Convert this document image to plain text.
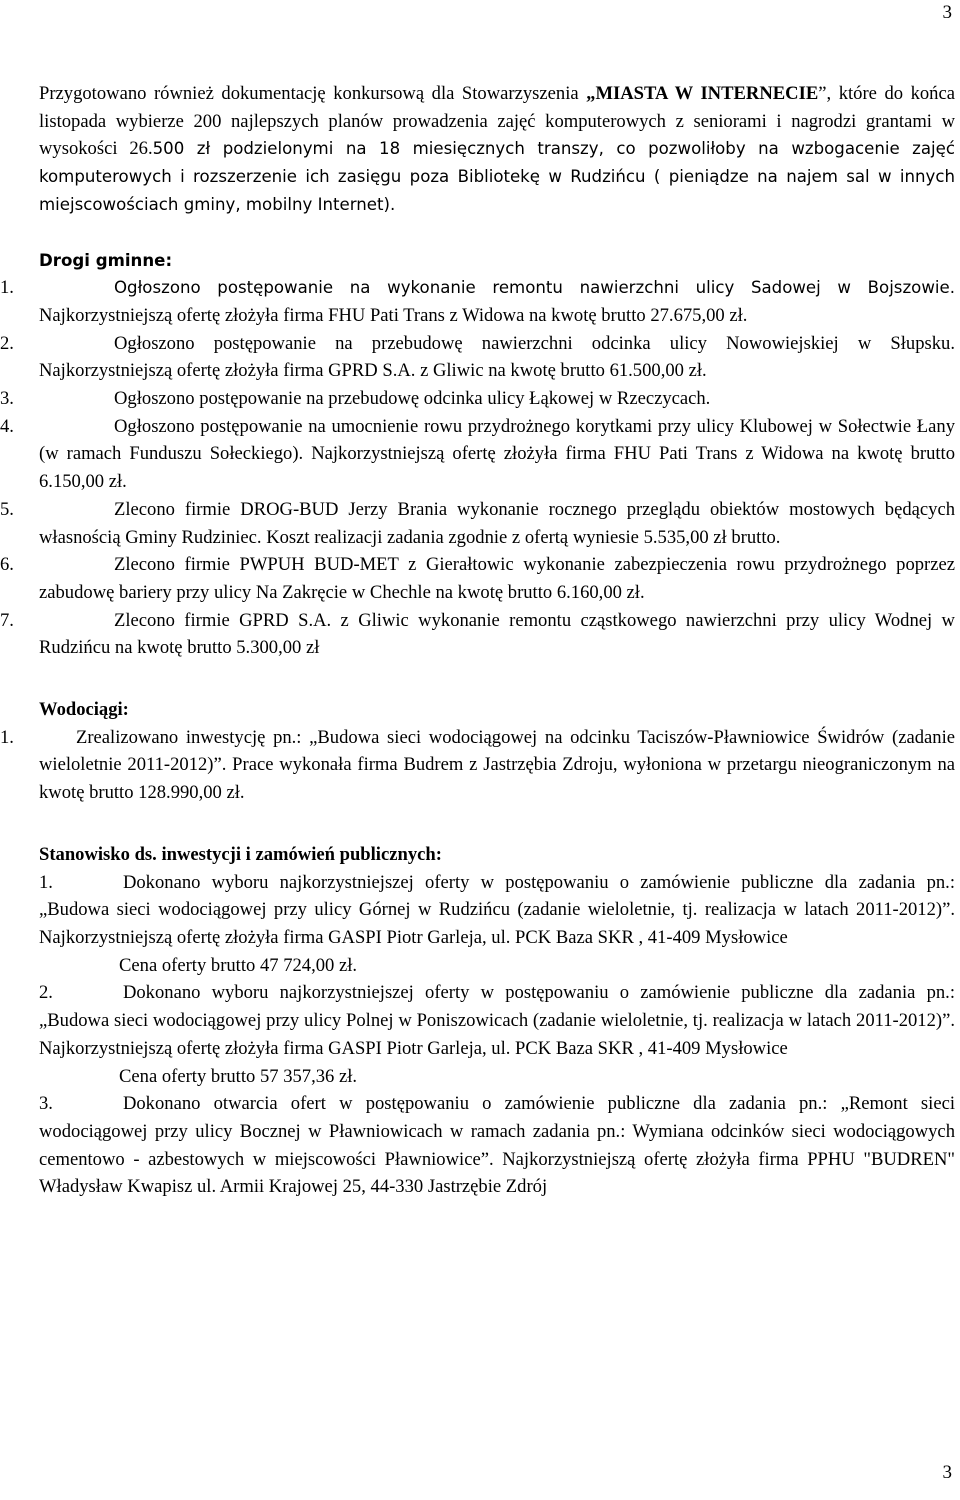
3

Przygotowano również dokumentację konkursową dla Stowarzyszenia „MIASTA W INTERNECIE”, które do końca listopada wybierze 200 najlepszych planów prowadzenia zajęć komputerowych z seniorami i nagrodzi grantami w wysokości 26.500 zł podzielonymi na 18 miesięcznych transzy, co pozwoliłoby na wzbogacenie zajęć komputerowych i rozszerzenie ich zasięgu poza Bibliotekę w Rudzińcu ( pieniądze na najem sal w innych miejscowościach gminy, mobilny Internet).

Drogi gminne:

1.	Ogłoszono postępowanie na wykonanie remontu nawierzchni ulicy Sadowej w Bojszowie. Najkorzystniejszą ofertę złożyła firma FHU Pati Trans z Widowa na kwotę brutto 27.675,00 zł.

2.	Ogłoszono postępowanie na przebudowę nawierzchni odcinka ulicy Nowowiejskiej w Słupsku. Najkorzystniejszą ofertę złożyła firma GPRD S.A. z Gliwic na kwotę brutto 61.500,00 zł.

3.	Ogłoszono postępowanie na przebudowę odcinka ulicy Łąkowej w Rzeczycach.

4.	Ogłoszono postępowanie na umocnienie rowu przydrożnego korytkami przy ulicy Klubowej w Sołectwie Łany (w ramach Funduszu Sołeckiego). Najkorzystniejszą ofertę złożyła firma FHU Pati Trans z Widowa na kwotę brutto 6.150,00 zł.

5.	Zlecono firmie DROG-BUD Jerzy Brania wykonanie rocznego przeglądu obiektów mostowych będących własnością Gminy Rudziniec. Koszt realizacji zadania zgodnie z ofertą wyniesie 5.535,00 zł brutto.

6.	Zlecono firmie PWPUH BUD-MET z Gierałtowic wykonanie zabezpieczenia rowu przydrożnego poprzez zabudowę bariery przy ulicy Na Zakręcie w Chechle na kwotę brutto 6.160,00 zł.

7.	Zlecono firmie GPRD S.A. z Gliwic wykonanie remontu cząstkowego nawierzchni przy ulicy Wodnej w Rudzińcu na kwotę brutto 5.300,00 zł

Wodociągi:

1.	Zrealizowano inwestycję pn.: „Budowa sieci wodociągowej na odcinku Taciszów-Pławniowice Świdrów (zadanie wieloletnie 2011-2012)”. Prace wykonała firma Budrem z Jastrzębia Zdroju, wyłoniona w przetargu nieograniczonym na kwotę brutto 128.990,00 zł.

Stanowisko ds. inwestycji i zamówień publicznych:

1.	Dokonano wyboru najkorzystniejszej oferty w postępowaniu o zamówienie publiczne dla zadania pn.: „Budowa sieci wodociągowej przy ulicy Górnej w Rudzińcu (zadanie wieloletnie, tj. realizacja w latach 2011-2012)”. Najkorzystniejszą ofertę złożyła firma GASPI Piotr Garleja, ul. PCK Baza SKR , 41-409 Mysłowice

Cena oferty brutto 47 724,00 zł.

2.	Dokonano wyboru najkorzystniejszej oferty w postępowaniu o zamówienie publiczne dla zadania pn.: „Budowa sieci wodociągowej przy ulicy Polnej w Poniszowicach (zadanie wieloletnie, tj. realizacja w latach 2011-2012)”. Najkorzystniejszą ofertę złożyła firma GASPI Piotr Garleja, ul. PCK Baza SKR , 41-409 Mysłowice

Cena oferty brutto 57 357,36 zł.

3.	Dokonano otwarcia ofert w postępowaniu o zamówienie publiczne dla zadania pn.: „Remont sieci wodociągowej przy ulicy Bocznej w Pławniowicach w ramach zadania pn.: Wymiana odcinków sieci wodociągowych cementowo - azbestowych w miejscowości Pławniowice”. Najkorzystniejszą ofertę złożyła firma PPHU "BUDREN" Władysław Kwapisz ul. Armii Krajowej 25, 44-330 Jastrzębie Zdrój

3
